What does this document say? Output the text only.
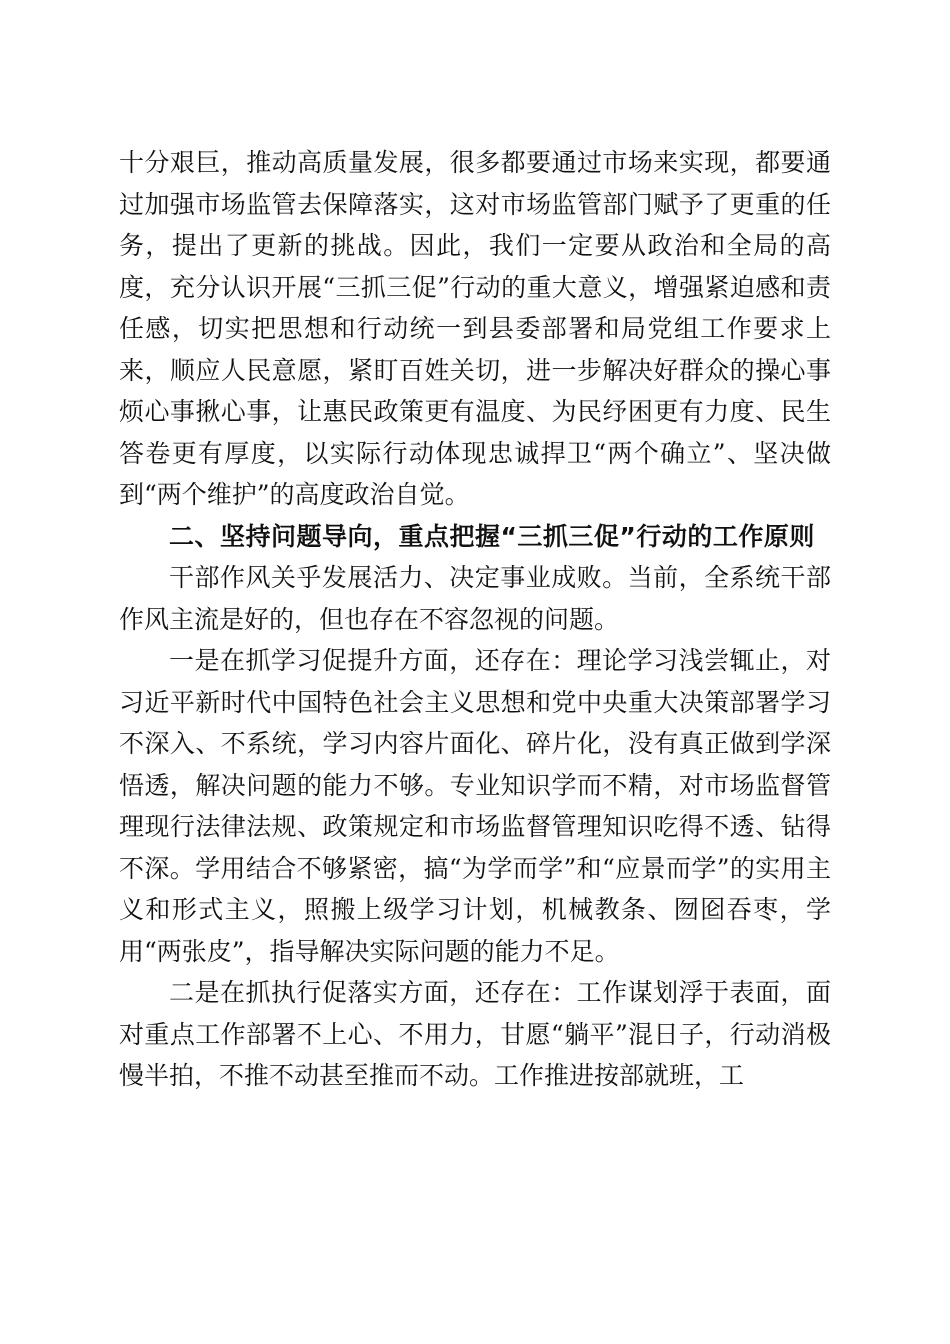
十分艰巨，推动高质量发展，很多都要通过市场来实现，都要通过加强市场监管去保障落实，这对市场监管部门赋予了更重的任务，提出了更新的挑战。因此，我们一定要从政治和全局的高度，充分认识开展“三抓三促”行动的重大意义，增强紧迫感和责任感，切实把思想和行动统一到县委部署和局党组工作要求上来，顺应人民意愿，紧盯百姓关切，进一步解决好群众的操心事烦心事揪心事，让惠民政策更有温度、为民纾困更有力度、民生答卷更有厚度，以实际行动体现忠诚捍卫“两个确立”、坚决做到“两个维护”的高度政治自觉。

二、坚持问题导向，重点把握“三抓三促”行动的工作原则

干部作风关乎发展活力、决定事业成败。当前，全系统干部作风主流是好的，但也存在不容忽视的问题。

一是在抓学习促提升方面，还存在：理论学习浅尝辄止，对习近平新时代中国特色社会主义思想和党中央重大决策部署学习不深入、不系统，学习内容片面化、碎片化，没有真正做到学深悟透，解决问题的能力不够。专业知识学而不精，对市场监督管理现行法律法规、政策规定和市场监督管理知识吃得不透、钻得不深。学用结合不够紧密，搞“为学而学”和“应景而学”的实用主义和形式主义，照搬上级学习计划，机械教条、囫囵吞枣，学用“两张皮”，指导解决实际问题的能力不足。

二是在抓执行促落实方面，还存在：工作谋划浮于表面，面对重点工作部署不上心、不用力，甘愿“躺平”混日子，行动消极慢半拍，不推不动甚至推而不动。工作推进按部就班，工
